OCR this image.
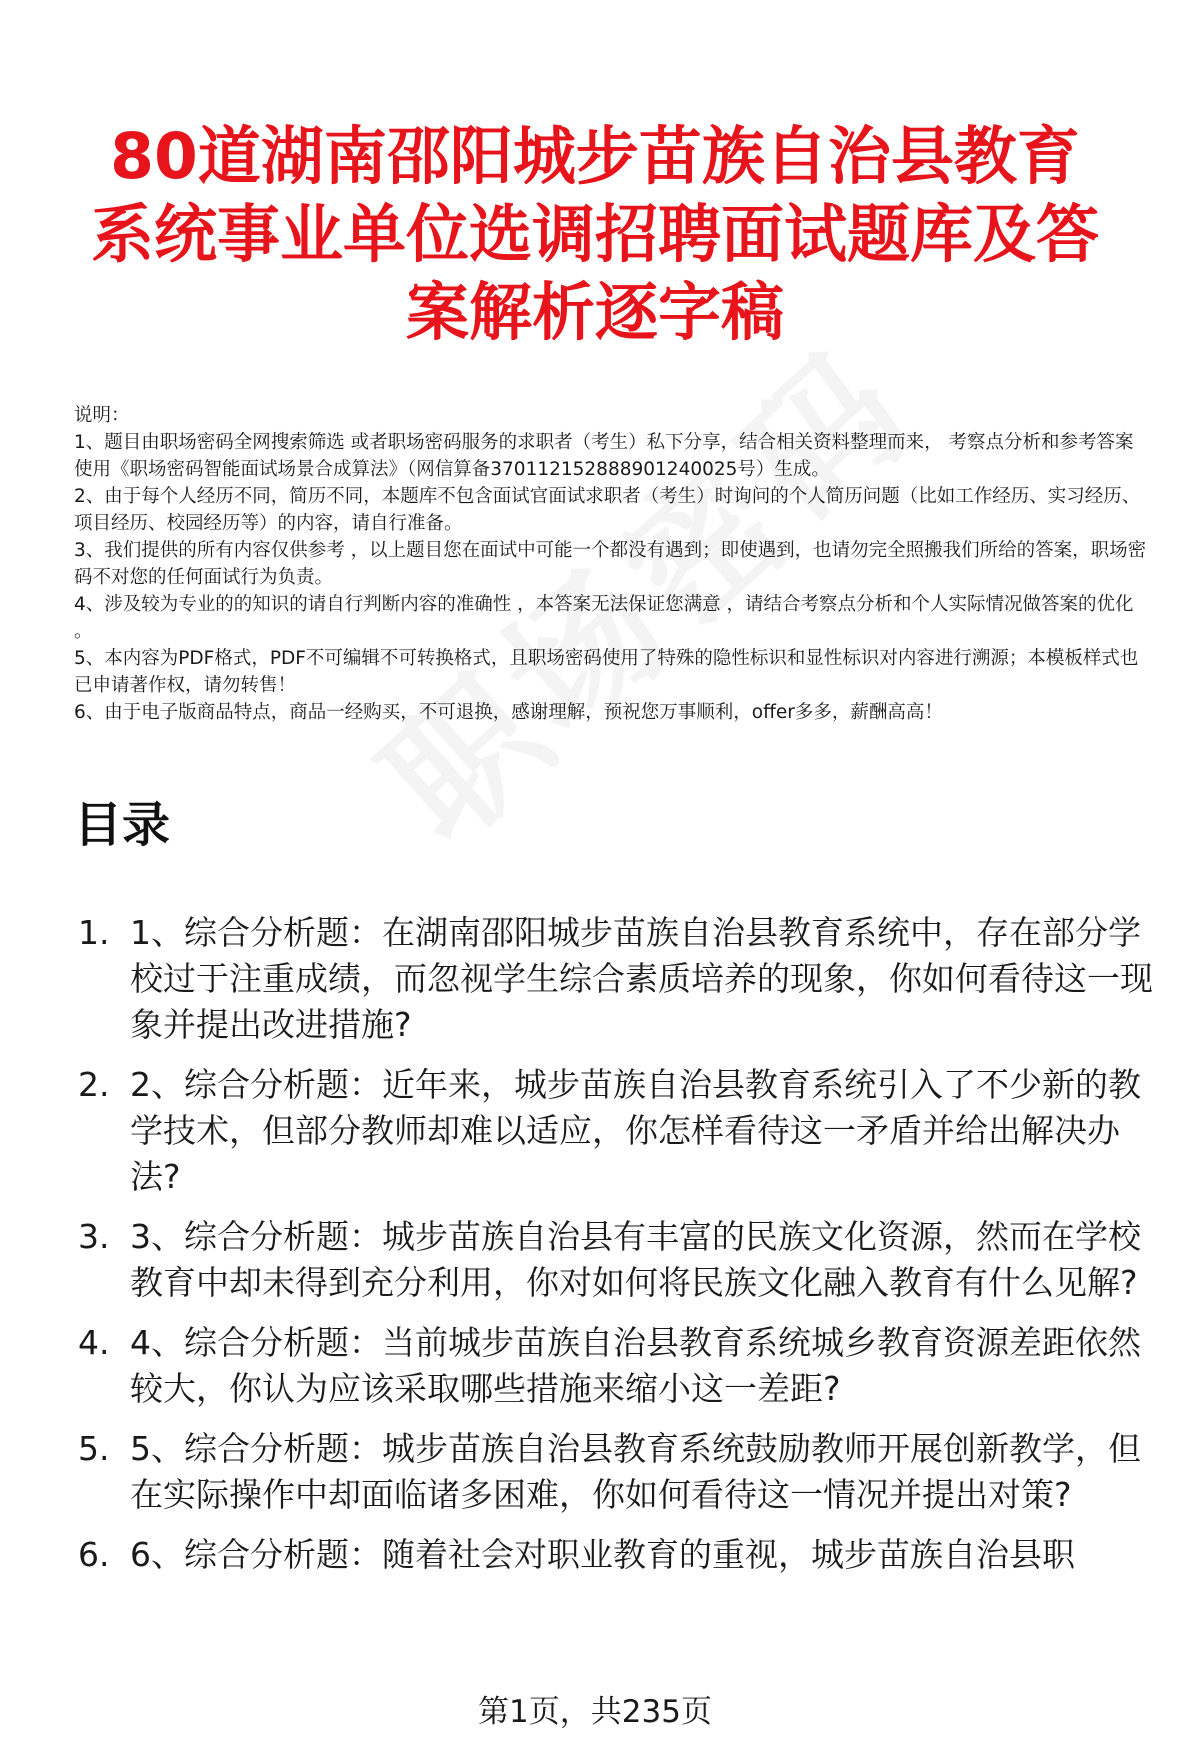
80道湖南邵阳城步苗族自治县教育系统事业单位选调招聘面试题库及答案解析逐字稿

说明：

1、题目由职场密码全网搜索筛选 或者职场密码服务的求职者（考生）私下分享，结合相关资料整理而来， 考察点分析和参考答案使用《职场密码智能面试场景合成算法》（网信算备370112152888901240025号）生成。

2、由于每个人经历不同，简历不同，本题库不包含面试官面试求职者（考生）时询问的个人简历问题（比如工作经历、实习经历、项目经历、校园经历等）的内容，请自行准备。

3、我们提供的所有内容仅供参考 ，以上题目您在面试中可能一个都没有遇到；即使遇到，也请勿完全照搬我们所给的答案，职场密码不对您的任何面试行为负责。

4、涉及较为专业的的知识的请自行判断内容的准确性 ，本答案无法保证您满意 ，请结合考察点分析和个人实际情况做答案的优化 。

5、本内容为PDF格式，PDF不可编辑不可转换格式，且职场密码使用了特殊的隐性标识和显性标识对内容进行溯源；本模板样式也已申请著作权，请勿转售！

6、由于电子版商品特点，商品一经购买，不可退换，感谢理解，预祝您万事顺利，offer多多，薪酬高高！

目录
1. 1、综合分析题：在湖南邵阳城步苗族自治县教育系统中，存在部分学校过于注重成绩，而忽视学生综合素质培养的现象，你如何看待这一现象并提出改进措施?
2. 2、综合分析题：近年来，城步苗族自治县教育系统引入了不少新的教学技术，但部分教师却难以适应，你怎样看待这一矛盾并给出解决办法?
3. 3、综合分析题：城步苗族自治县有丰富的民族文化资源，然而在学校教育中却未得到充分利用，你对如何将民族文化融入教育有什么见解?
4. 4、综合分析题：当前城步苗族自治县教育系统城乡教育资源差距依然较大，你认为应该采取哪些措施来缩小这一差距?
5. 5、综合分析题：城步苗族自治县教育系统鼓励教师开展创新教学，但在实际操作中却面临诸多困难，你如何看待这一情况并提出对策?
6. 6、综合分析题：随着社会对职业教育的重视，城步苗族自治县职
第1页，共235页
